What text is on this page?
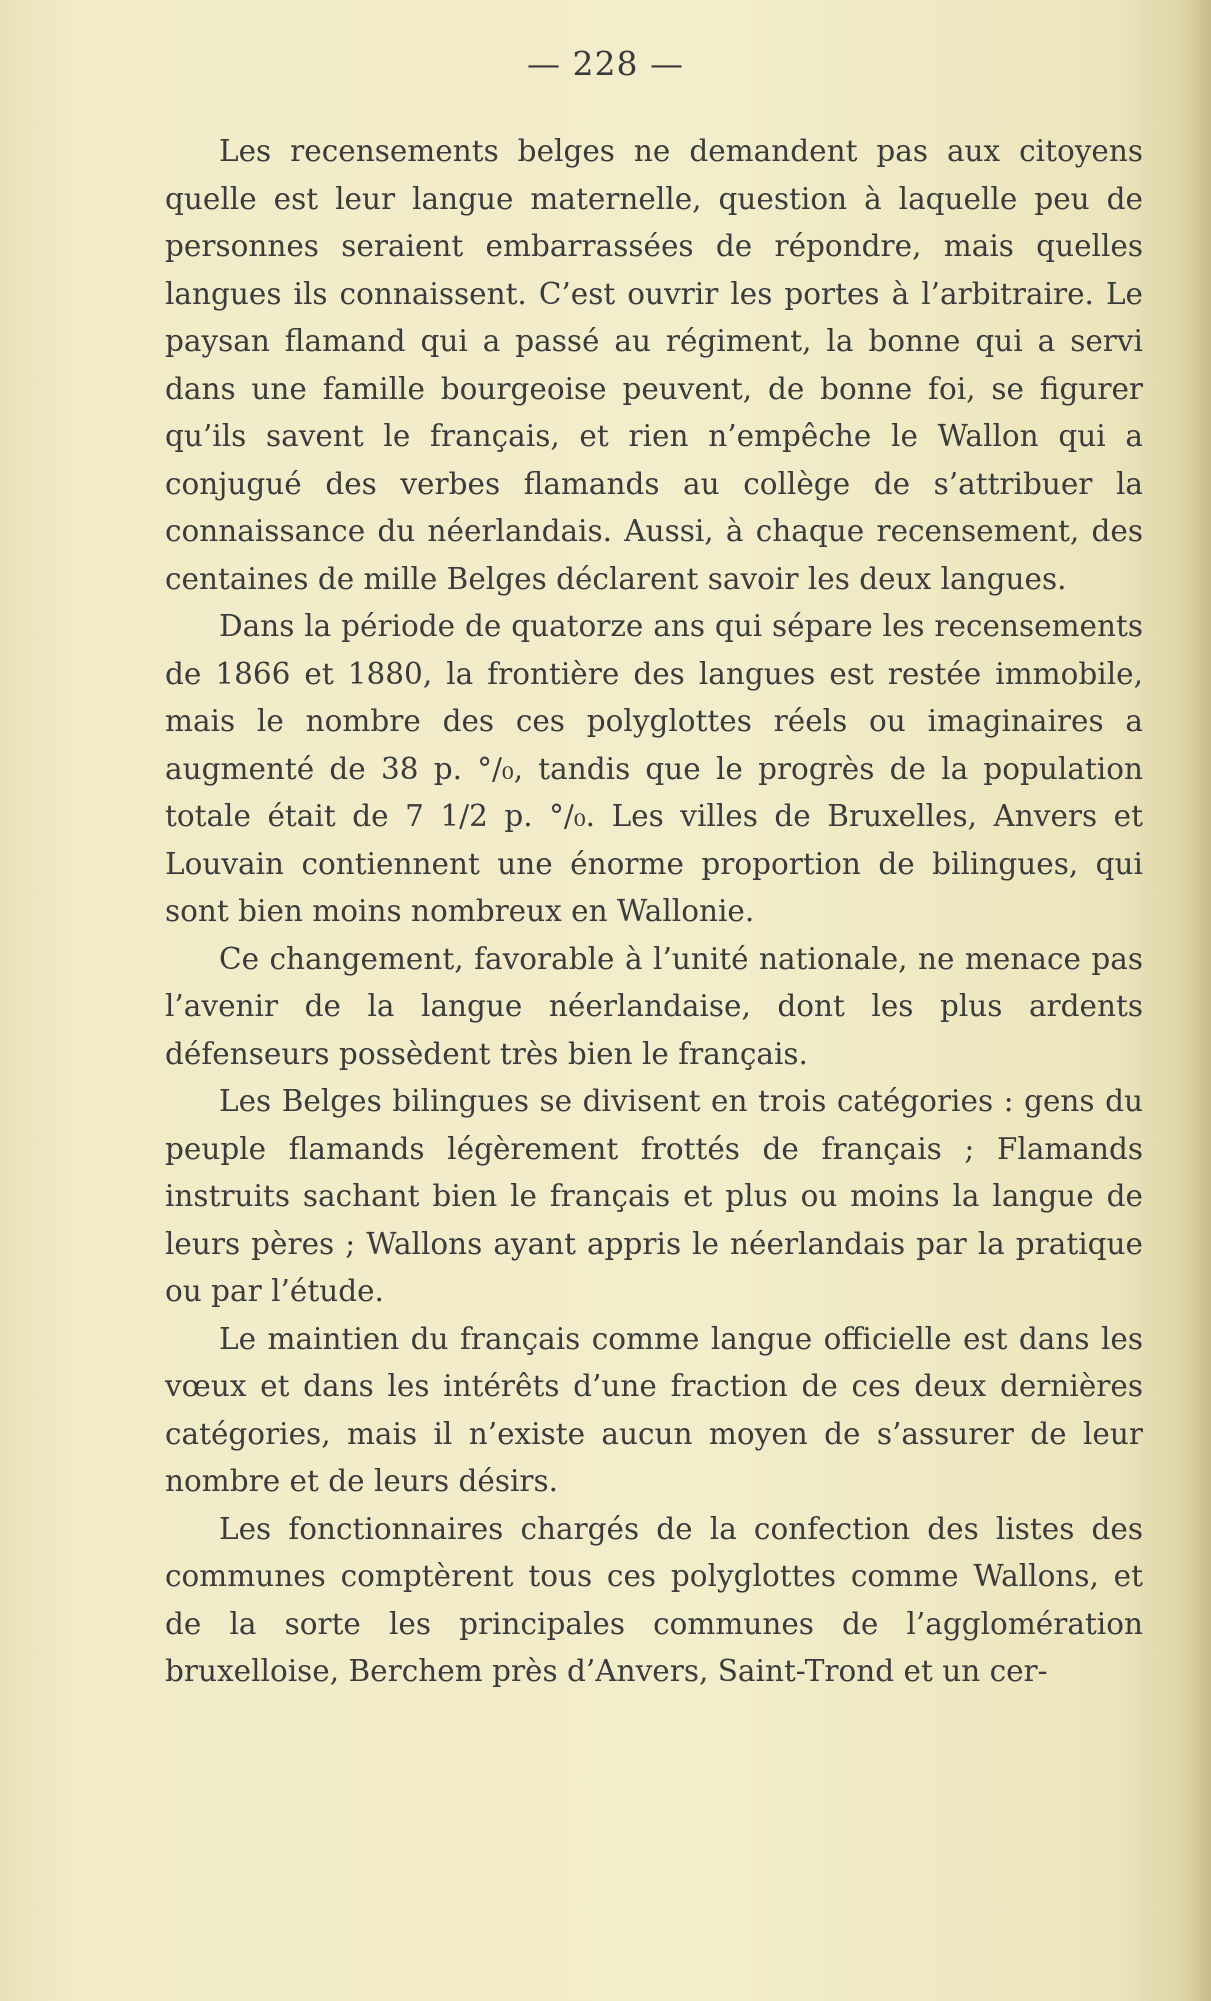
— 228 —

Les recensements belges ne demandent pas aux citoyens quelle est leur langue maternelle, question à laquelle peu de personnes seraient embarrassées de répondre, mais quelles langues ils connaissent. C’est ouvrir les portes à l’arbitraire. Le paysan flamand qui a passé au régiment, la bonne qui a servi dans une famille bourgeoise peuvent, de bonne foi, se figurer qu’ils savent le français, et rien n’empêche le Wallon qui a conjugué des verbes flamands au collège de s’attribuer la connaissance du néerlandais. Aussi, à chaque recensement, des centaines de mille Belges déclarent savoir les deux langues.

Dans la période de quatorze ans qui sépare les recensements de 1866 et 1880, la frontière des langues est restée immobile, mais le nombre des ces polyglottes réels ou imaginaires a augmenté de 38 p. °/₀, tandis que le progrès de la population totale était de 7 1/2 p. °/₀. Les villes de Bruxelles, Anvers et Louvain contiennent une énorme proportion de bilingues, qui sont bien moins nombreux en Wallonie.

Ce changement, favorable à l’unité nationale, ne menace pas l’avenir de la langue néerlandaise, dont les plus ardents défenseurs possèdent très bien le français.

Les Belges bilingues se divisent en trois catégories : gens du peuple flamands légèrement frottés de français ; Flamands instruits sachant bien le français et plus ou moins la langue de leurs pères ; Wallons ayant appris le néerlandais par la pratique ou par l’étude.

Le maintien du français comme langue officielle est dans les vœux et dans les intérêts d’une fraction de ces deux dernières catégories, mais il n’existe aucun moyen de s’assurer de leur nombre et de leurs désirs.

Les fonctionnaires chargés de la confection des listes des communes comptèrent tous ces polyglottes comme Wallons, et de la sorte les principales communes de l’agglomération bruxelloise, Berchem près d’Anvers, Saint-Trond et un cer-
